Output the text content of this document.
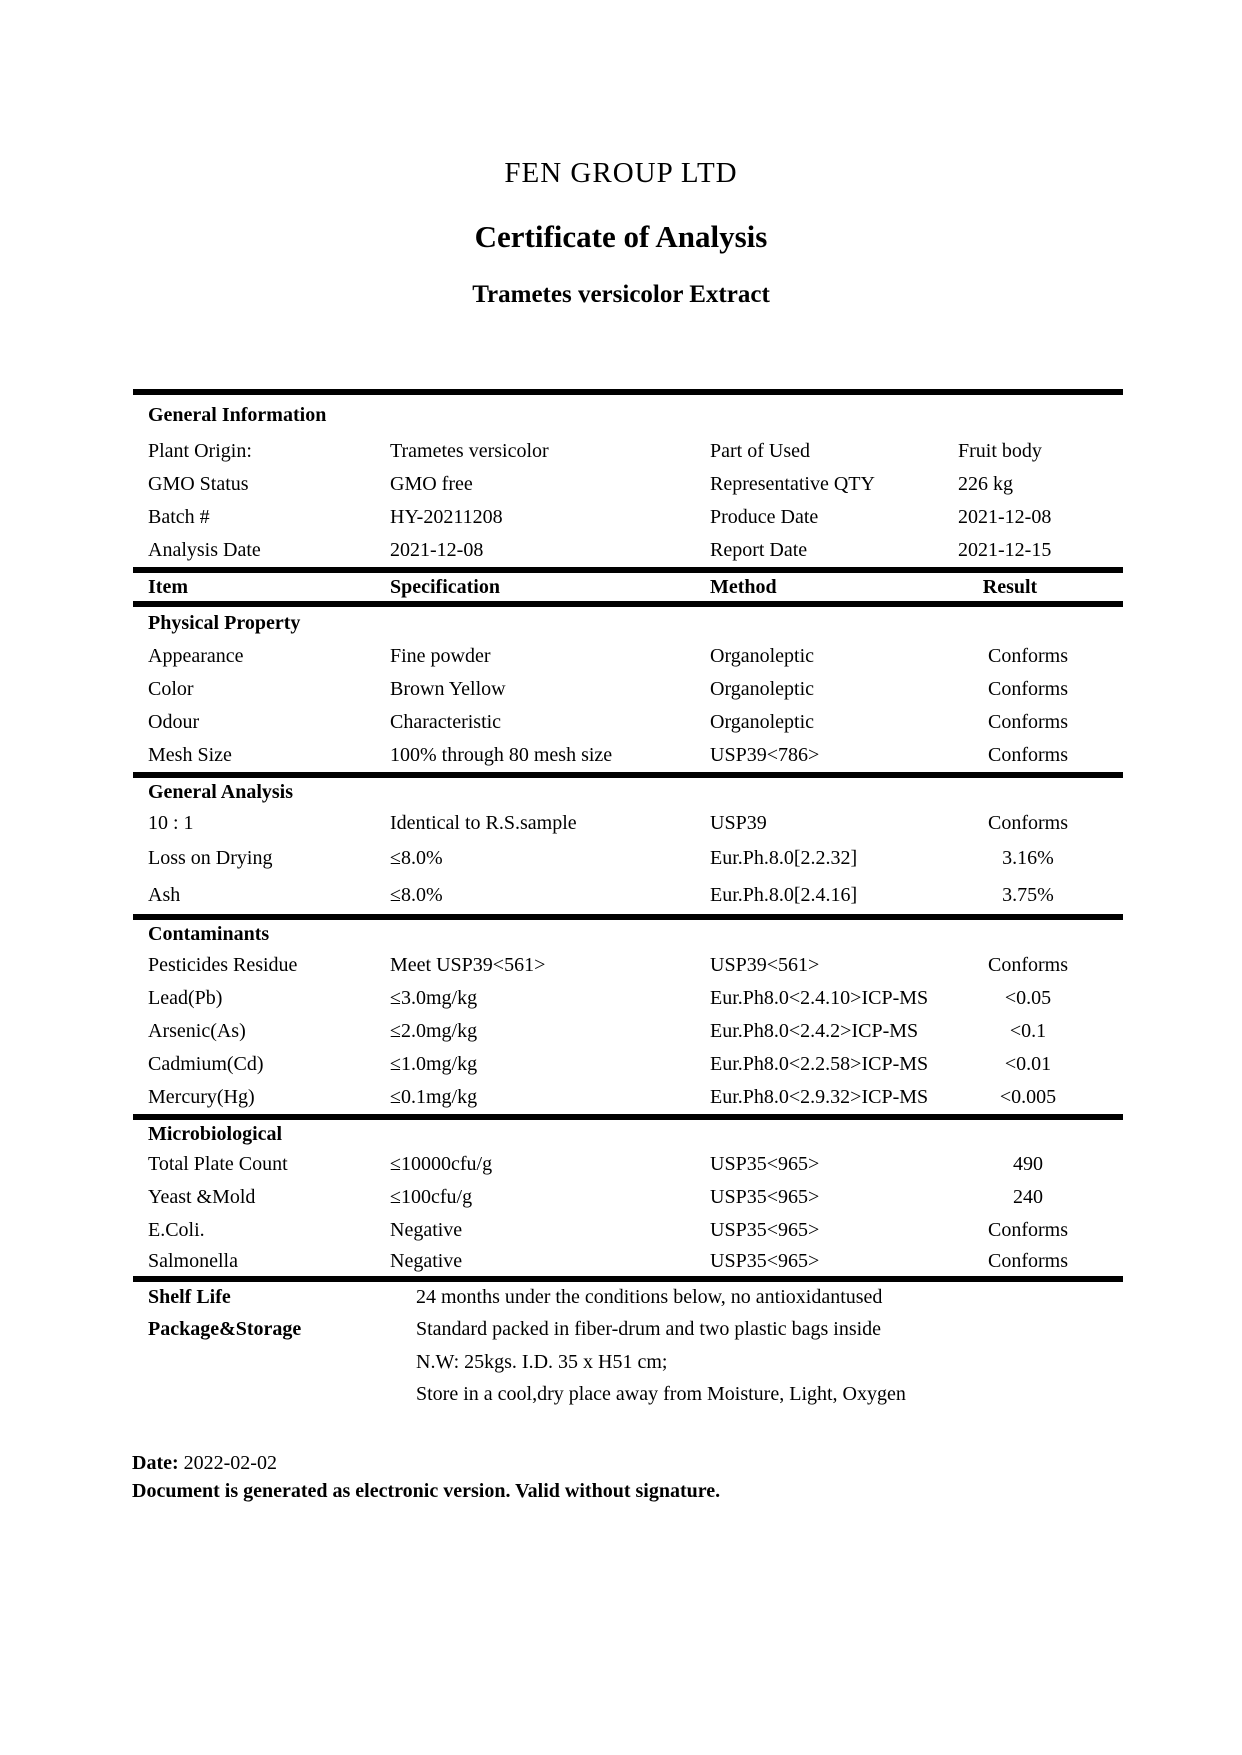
FEN GROUP LTD
Certificate of Analysis
Trametes versicolor Extract
General Information
Plant Origin:	Trametes versicolor	Part of Used	Fruit body
GMO Status	GMO free	Representative QTY	226 kg
Batch #	HY-20211208	Produce Date	2021-12-08
Analysis Date	2021-12-08	Report Date	2021-12-15
Item	Specification	Method	Result
Physical Property
Appearance	Fine powder	Organoleptic	Conforms
Color	Brown Yellow	Organoleptic	Conforms
Odour	Characteristic	Organoleptic	Conforms
Mesh Size	100% through 80 mesh size	USP39<786>	Conforms
General Analysis
10 : 1	Identical to R.S.sample	USP39	Conforms
Loss on Drying	≤8.0%	Eur.Ph.8.0[2.2.32]	3.16%
Ash	≤8.0%	Eur.Ph.8.0[2.4.16]	3.75%
Contaminants
Pesticides Residue	Meet USP39<561>	USP39<561>	Conforms
Lead(Pb)	≤3.0mg/kg	Eur.Ph8.0<2.4.10>ICP-MS	<0.05
Arsenic(As)	≤2.0mg/kg	Eur.Ph8.0<2.4.2>ICP-MS	<0.1
Cadmium(Cd)	≤1.0mg/kg	Eur.Ph8.0<2.2.58>ICP-MS	<0.01
Mercury(Hg)	≤0.1mg/kg	Eur.Ph8.0<2.9.32>ICP-MS	<0.005
Microbiological
Total Plate Count	≤10000cfu/g	USP35<965>	490
Yeast &Mold	≤100cfu/g	USP35<965>	240
E.Coli.	Negative	USP35<965>	Conforms
Salmonella	Negative	USP35<965>	Conforms
Shelf Life	24 months under the conditions below, no antioxidantused
Package&Storage	Standard packed in fiber-drum and two plastic bags inside
N.W: 25kgs. I.D. 35 x H51 cm;
Store in a cool,dry place away from Moisture, Light, Oxygen
Date: 2022-02-02
Document is generated as electronic version. Valid without signature.
